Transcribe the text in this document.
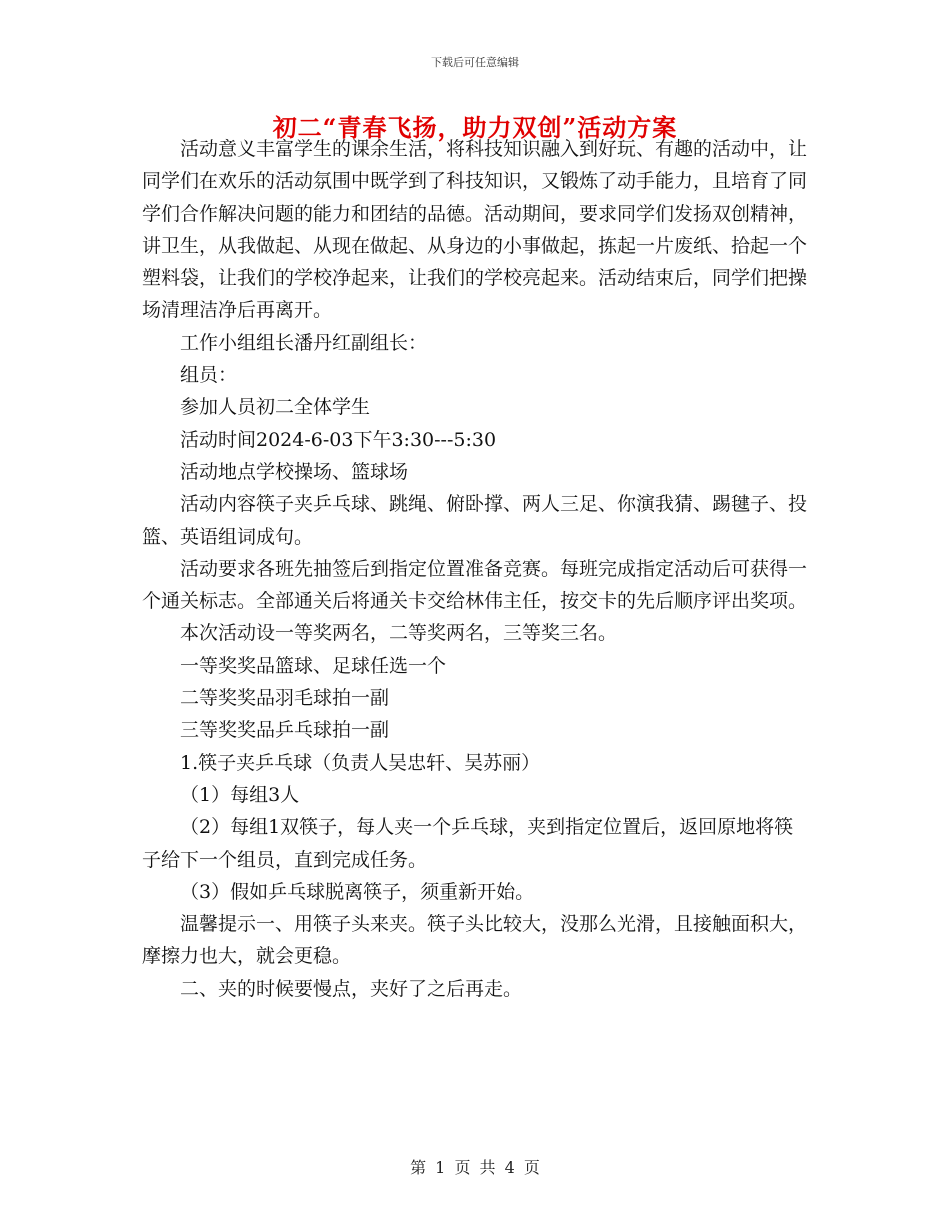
下载后可任意编辑
初二“青春飞扬，助力双创”活动方案

活动意义丰富学生的课余生活，将科技知识融入到好玩、有趣的活动中，让同学们在欢乐的活动氛围中既学到了科技知识，又锻炼了动手能力，且培育了同学们合作解决问题的能力和团结的品德。活动期间，要求同学们发扬双创精神，讲卫生，从我做起、从现在做起、从身边的小事做起，拣起一片废纸、拾起一个塑料袋，让我们的学校净起来，让我们的学校亮起来。活动结束后，同学们把操场清理洁净后再离开。

工作小组组长潘丹红副组长：

组员：

参加人员初二全体学生

活动时间2024-6-03下午3:30---5:30

活动地点学校操场、篮球场

活动内容筷子夹乒乓球、跳绳、俯卧撑、两人三足、你演我猜、踢毽子、投篮、英语组词成句。

活动要求各班先抽签后到指定位置准备竞赛。每班完成指定活动后可获得一个通关标志。全部通关后将通关卡交给林伟主任，按交卡的先后顺序评出奖项。

本次活动设一等奖两名，二等奖两名，三等奖三名。

一等奖奖品篮球、足球任选一个

二等奖奖品羽毛球拍一副

三等奖奖品乒乓球拍一副

1.筷子夹乒乓球（负责人吴忠轩、吴苏丽）

（1）每组3人

（2）每组1双筷子，每人夹一个乒乓球，夹到指定位置后，返回原地将筷子给下一个组员，直到完成任务。

（3）假如乒乓球脱离筷子，须重新开始。

温馨提示一、用筷子头来夹。筷子头比较大，没那么光滑，且接触面积大，摩擦力也大，就会更稳。

二、夹的时候要慢点，夹好了之后再走。

第 1 页 共 4 页
